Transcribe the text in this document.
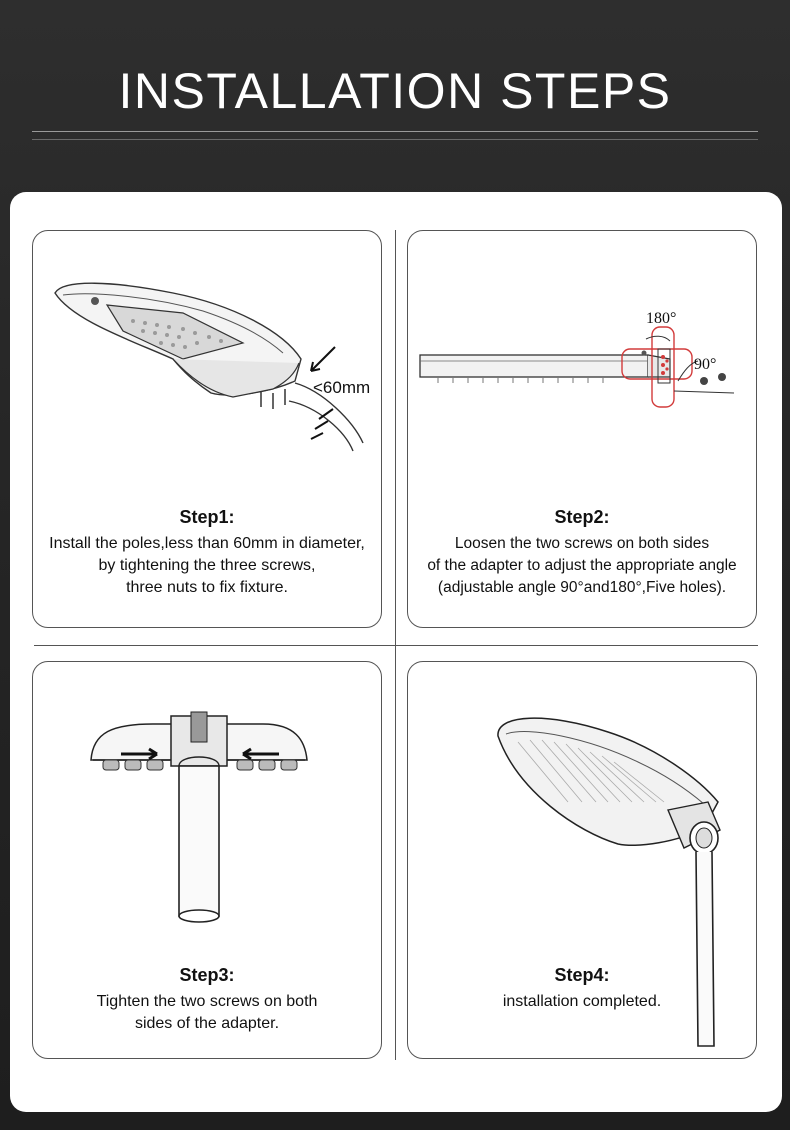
INSTALLATION STEPS
<60mm
Step1:
Install the poles,less than 60mm in diameter,
by tightening the three screws,
three nuts to fix fixture.
180°
90°
Step2:
Loosen the two screws on both sides
of the adapter to adjust the appropriate angle
(adjustable angle 90°and180°,Five holes).
Step3:
Tighten the two screws on both
sides of the adapter.
Step4:
installation completed.
